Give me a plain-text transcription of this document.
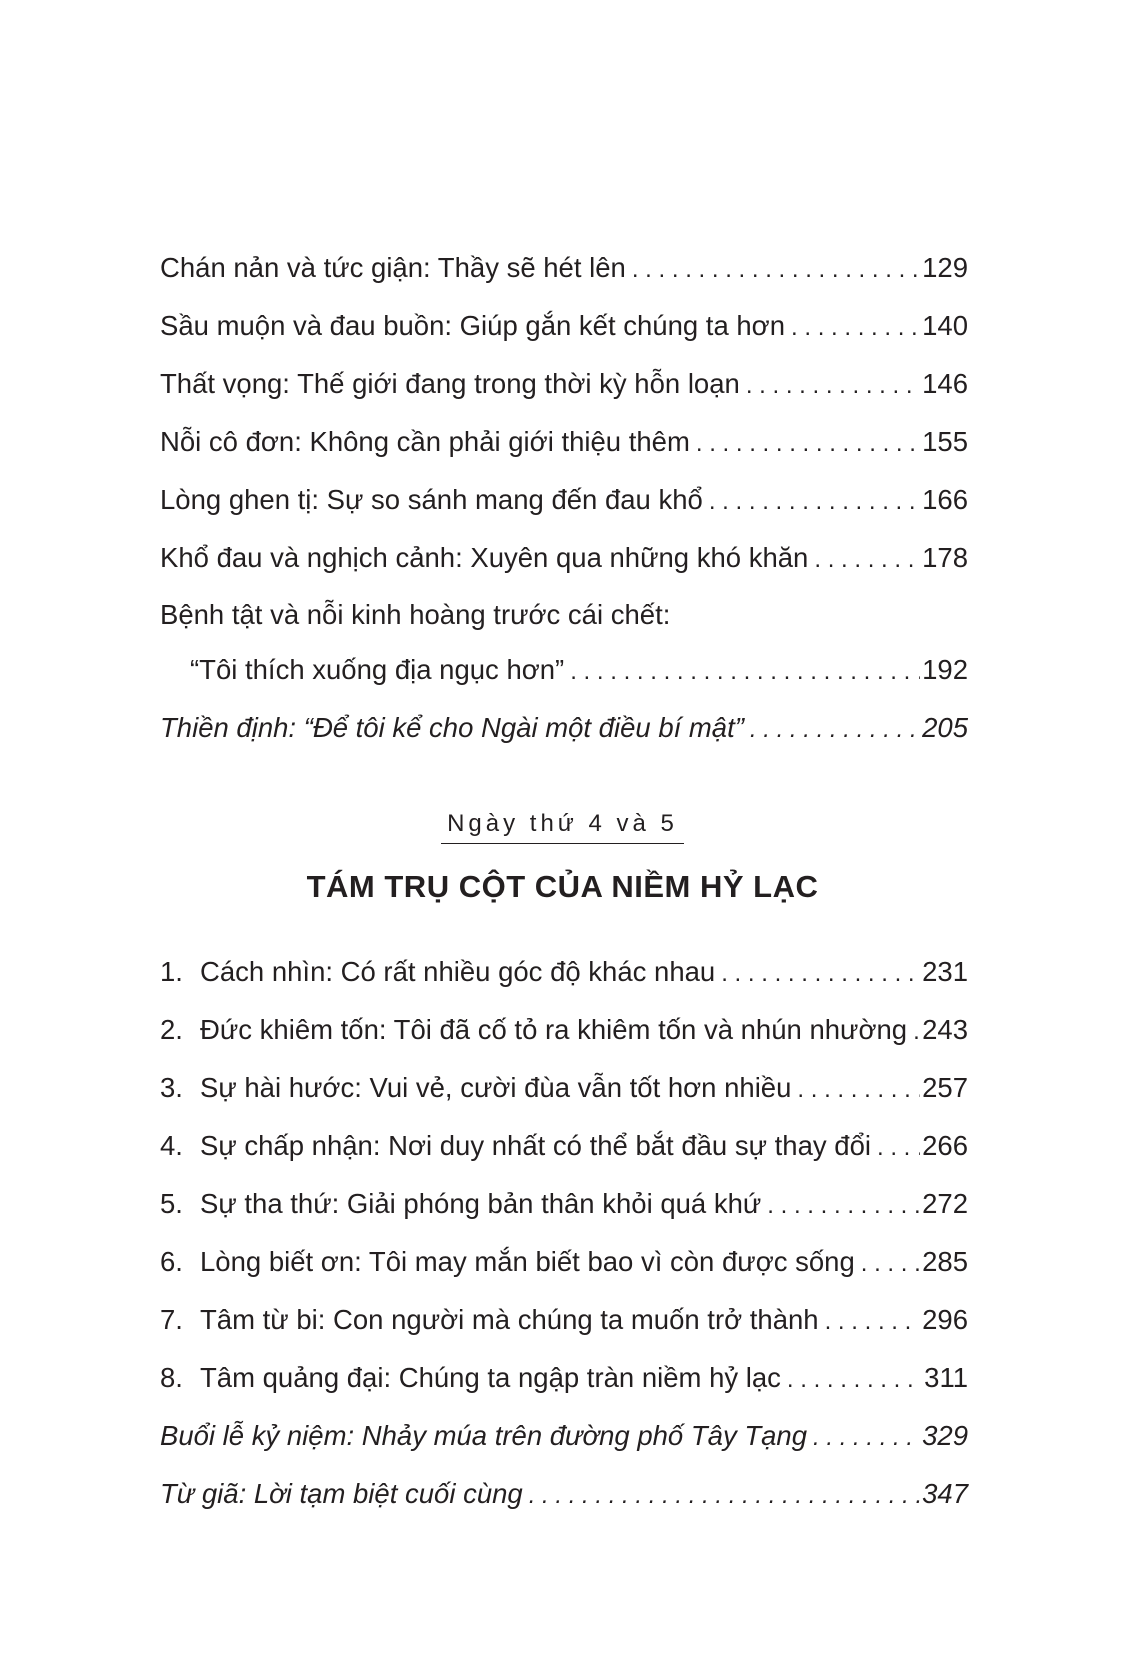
Chán nản và tức giận: Thầy sẽ hét lên . . .	129
Sầu muộn và đau buồn: Giúp gắn kết chúng ta hơn . . .	140
Thất vọng: Thế giới đang trong thời kỳ hỗn loạn . . .	146
Nỗi cô đơn: Không cần phải giới thiệu thêm . . .	155
Lòng ghen tị: Sự so sánh mang đến đau khổ . . .	166
Khổ đau và nghịch cảnh: Xuyên qua những khó khăn . . .	178
Bệnh tật và nỗi kinh hoàng trước cái chết:
“Tôi thích xuống địa ngục hơn” . . .	192
Thiền định: “Để tôi kể cho Ngài một điều bí mật” . . .	205
Ngày thứ 4 và 5
TÁM TRỤ CỘT CỦA NIỀM HỶ LẠC
1. Cách nhìn: Có rất nhiều góc độ khác nhau . . .	231
2. Đức khiêm tốn: Tôi đã cố tỏ ra khiêm tốn và nhún nhường . . . 243
3. Sự hài hước: Vui vẻ, cười đùa vẫn tốt hơn nhiều . . .	257
4. Sự chấp nhận: Nơi duy nhất có thể bắt đầu sự thay đổi . . . 266
5. Sự tha thứ: Giải phóng bản thân khỏi quá khứ . . .	272
6. Lòng biết ơn: Tôi may mắn biết bao vì còn được sống . . . 285
7. Tâm từ bi: Con người mà chúng ta muốn trở thành . . .	296
8. Tâm quảng đại: Chúng ta ngập tràn niềm hỷ lạc . . .	311
Buổi lễ kỷ niệm: Nhảy múa trên đường phố Tây Tạng . . .	329
Từ giã: Lời tạm biệt cuối cùng . . .	347
